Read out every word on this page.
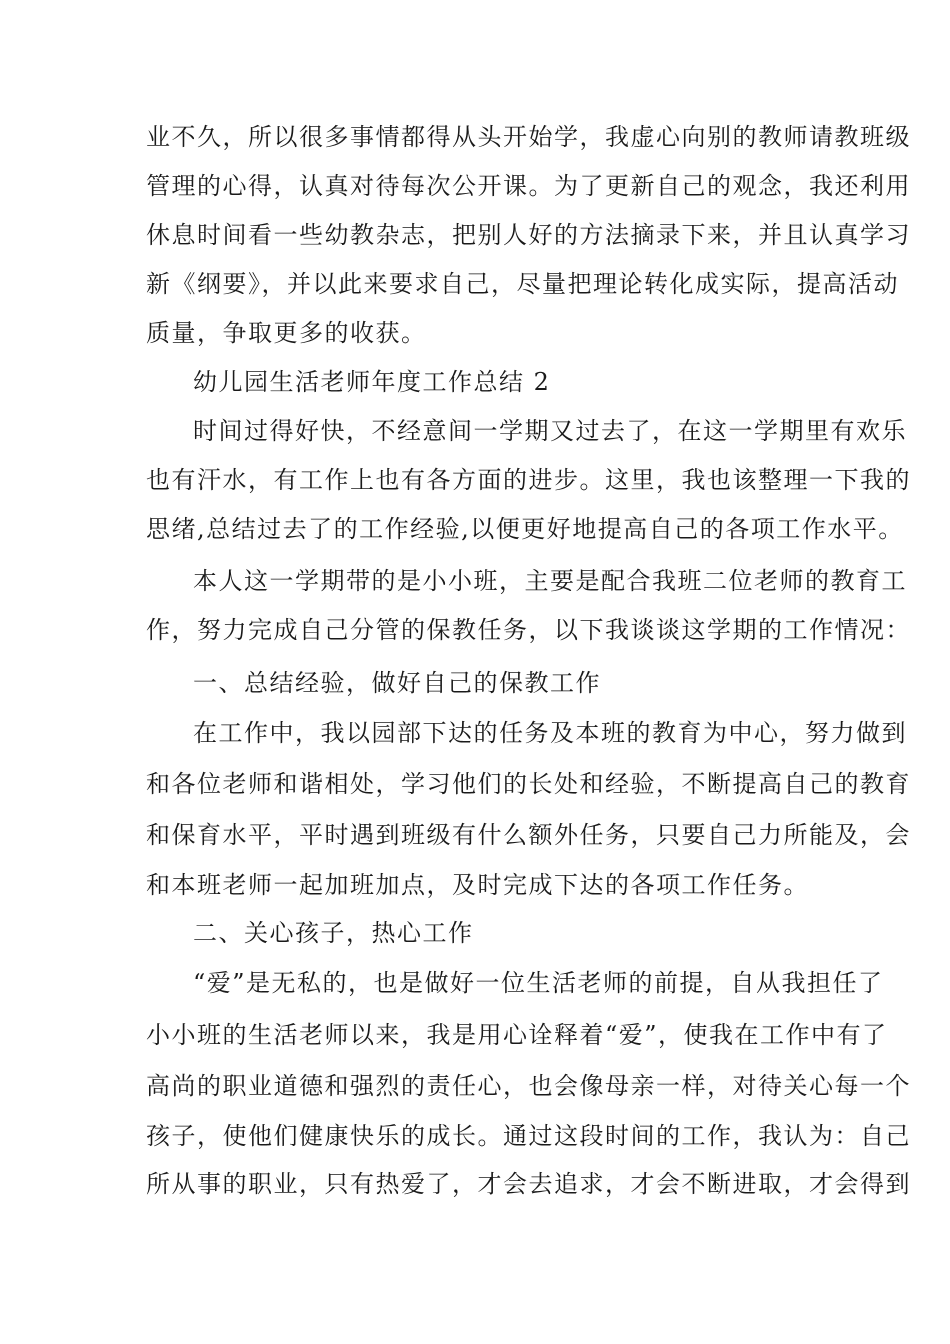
业不久，所以很多事情都得从头开始学，我虚心向别的教师请教班级
管理的心得，认真对待每次公开课。为了更新自己的观念，我还利用
休息时间看一些幼教杂志，把别人好的方法摘录下来，并且认真学习
新《纲要》，并以此来要求自己，尽量把理论转化成实际，提高活动
质量，争取更多的收获。
幼儿园生活老师年度工作总结 2
时间过得好快，不经意间一学期又过去了，在这一学期里有欢乐
也有汗水，有工作上也有各方面的进步。这里，我也该整理一下我的
思绪,总结过去了的工作经验,以便更好地提高自己的各项工作水平。
本人这一学期带的是小小班，主要是配合我班二位老师的教育工
作，努力完成自己分管的保教任务，以下我谈谈这学期的工作情况：
一、总结经验，做好自己的保教工作
在工作中，我以园部下达的任务及本班的教育为中心，努力做到
和各位老师和谐相处，学习他们的长处和经验，不断提高自己的教育
和保育水平，平时遇到班级有什么额外任务，只要自己力所能及，会
和本班老师一起加班加点，及时完成下达的各项工作任务。
二、关心孩子，热心工作
“爱”是无私的，也是做好一位生活老师的前提，自从我担任了
小小班的生活老师以来，我是用心诠释着“爱”，使我在工作中有了
高尚的职业道德和强烈的责任心，也会像母亲一样，对待关心每一个
孩子，使他们健康快乐的成长。通过这段时间的工作，我认为：自己
所从事的职业，只有热爱了，才会去追求，才会不断进取，才会得到
